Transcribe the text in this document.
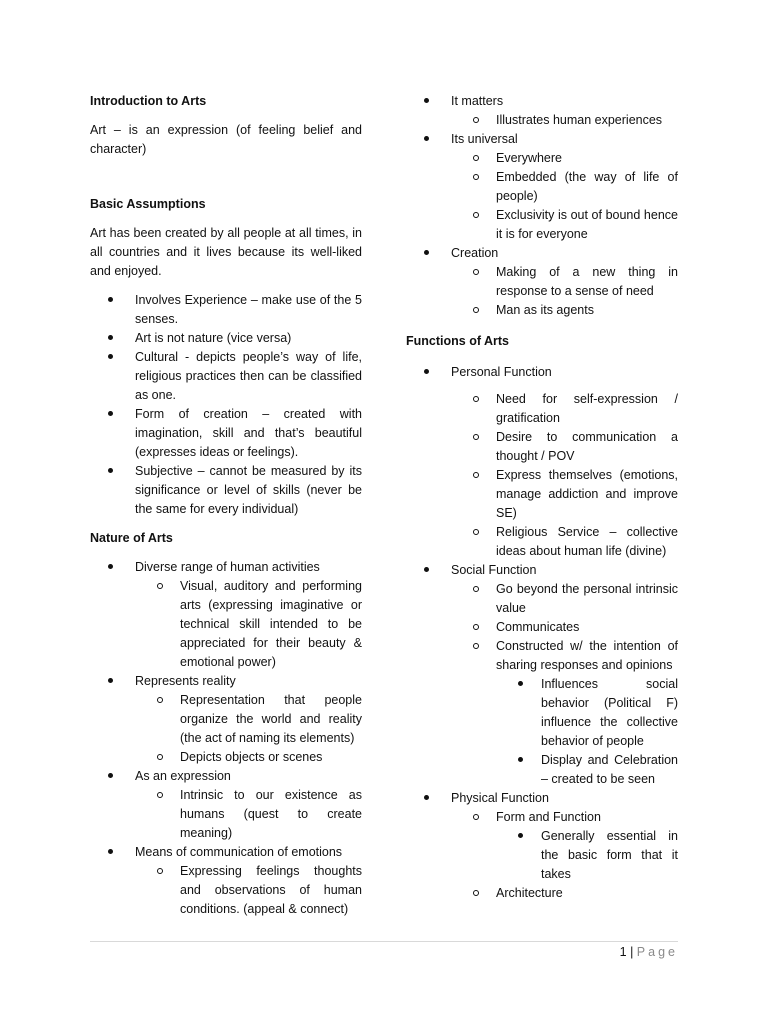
Introduction to Arts

Art – is an expression (of feeling belief and character)

Basic Assumptions

Art has been created by all people at all times, in all countries and it lives because its well-liked and enjoyed.

Involves Experience – make use of the 5 senses.
Art is not nature (vice versa)
Cultural - depicts people’s way of life, religious practices then can be classified as one.
Form of creation – created with imagination, skill and that’s beautiful (expresses ideas or feelings).
Subjective – cannot be measured by its significance or level of skills (never be the same for every individual)
Nature of Arts
Diverse range of human activities
Visual, auditory and performing arts (expressing imaginative or technical skill intended to be appreciated for their beauty & emotional power)
Represents reality
Representation that people organize the world and reality (the act of naming its elements)
Depicts objects or scenes
As an expression
Intrinsic to our existence as humans (quest to create meaning)
Means of communication of emotions
Expressing feelings thoughts and observations of human conditions. (appeal & connect)
It matters
Illustrates human experiences
Its universal
Everywhere
Embedded (the way of life of people)
Exclusivity is out of bound hence it is for everyone
Creation
Making of a new thing in response to a sense of need
Man as its agents
Functions of Arts
Personal Function
Need for self-expression / gratification
Desire to communication a thought / POV
Express themselves (emotions, manage addiction and improve SE)
Religious Service – collective ideas about human life (divine)
Social Function
Go beyond the personal intrinsic value
Communicates
Constructed w/ the intention of sharing responses and opinions
Influences social behavior (Political F) influence the collective behavior of people
Display and Celebration – created to be seen
Physical Function
Form and Function
Generally essential in the basic form that it takes
Architecture
1 | Page
